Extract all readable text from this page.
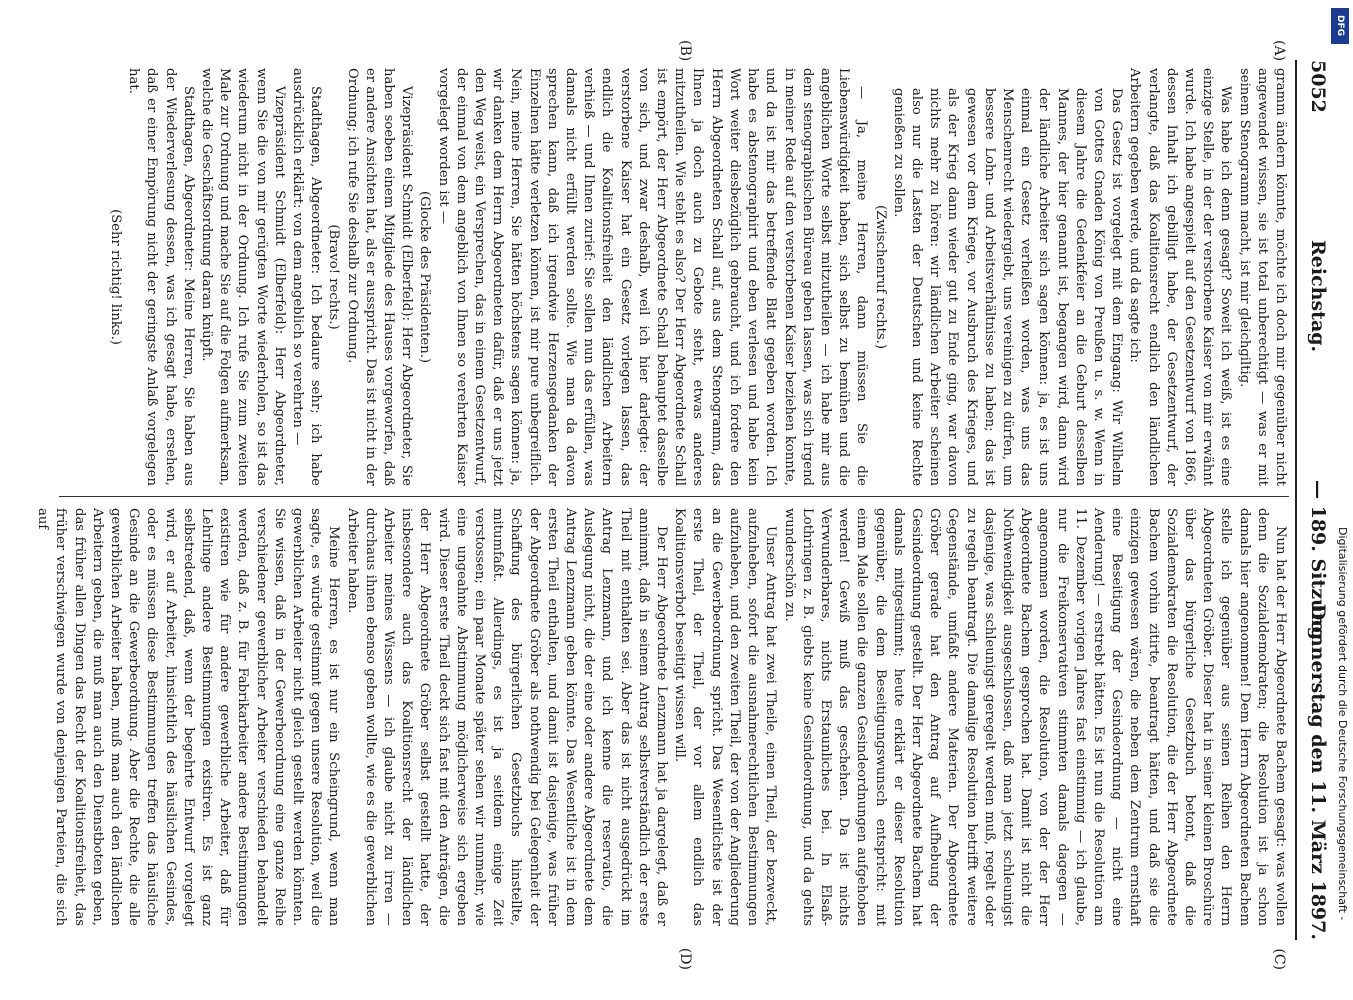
5052
Reichstag.
— 189. Sitzung.
Donnerstag den 11. März 1897.
(A)
(B)
(C)
(D)

gramm ändern könnte, möchte ich doch mir gegenüber nicht angewendet wissen, sie ist total unberechtigt — was er mit seinem Stenogramm macht, ist mir gleichgiltig.

Was habe ich denn gesagt? Soweit ich weiß, ist es eine einzige Stelle, in der der verstorbene Kaiser von mir erwähnt wurde. Ich habe angespielt auf den Gesetzentwurf von 1866, dessen Inhalt ich gebilligt habe, der Gesetzentwurf, der verlangte, daß das Koalitionsrecht endlich den ländlichen Arbeitern gegeben werde, und da sagte ich:

Das Gesetz ist vorgelegt mit dem Eingang: Wir Wilhelm von Gottes Gnaden König von Preußen u. s. w. Wenn in diesem Jahre die Gedenkfeier an die Geburt desselben Mannes, der hier genannt ist, begangen wird, dann wird der ländliche Arbeiter sich sagen können: ja, es ist uns einmal ein Gesetz verheißen worden, was uns das Menschenrecht wiedergiebt, uns vereinigen zu dürfen, um bessere Lohn- und Arbeitsverhältnisse zu haben; das ist gewesen vor dem Kriege, vor Ausbruch des Krieges, und als der Krieg dann wieder gut zu Ende ging, war davon nichts mehr zu hören: wir ländlichen Arbeiter scheinen also nur die Lasten der Deutschen und keine Rechte genießen zu sollen.

(Zwischenruf rechts.)

— Ja, meine Herren, dann müssen Sie die Liebenswürdigkeit haben, sich selbst zu bemühen und die angeblichen Worte selbst mitzutheilen — ich habe mir aus dem stenographischen Büreau geben lassen, was sich irgend in meiner Rede auf den verstorbenen Kaiser beziehen konnte, und da ist mir das betreffende Blatt gegeben worden. Ich habe es abstenographirt und eben verlesen und habe kein Wort weiter diesbezüglich gebraucht, und ich fordere den Herrn Abgeordneten Schall auf, aus dem Stenogramm, das Ihnen ja doch auch zu Gebote steht, etwas anderes mitzutheilen. Wie steht es also? Der Herr Abgeordnete Schall ist empört, der Herr Abgeordnete Schall behauptet dasselbe von sich, und zwar deshalb, weil ich hier darlegte: der verstorbene Kaiser hat ein Gesetz vorlegen lassen, das endlich die Koalitionsfreiheit den ländlichen Arbeitern verhieß — und Ihnen zurief: Sie sollen nun das erfüllen, was damals nicht erfüllt werden sollte. Wie man da davon sprechen kann, daß ich irgendwie Herzensgedanken der Einzelnen hätte verletzen können, ist mir pure unbegreiflich. Nein, meine Herren, Sie hätten höchstens sagen können: ja, wir danken dem Herrn Abgeordneten dafür, daß er uns jetzt den Weg weist, ein Versprechen, das in einem Gesetzentwurf, der einmal von dem angeblich von Ihnen so verehrten Kaiser vorgelegt worden ist —

(Glocke des Präsidenten.)

Vizepräsident Schmidt (Elberfeld): Herr Abgeordneter, Sie haben soeben einem Mitgliede des Hauses vorgeworfen, daß er andere Ansichten hat, als er ausspricht. Das ist nicht in der Ordnung; ich rufe Sie deshalb zur Ordnung.

(Bravo! rechts.)

Stadthagen, Abgeordneter: Ich bedaure sehr; ich habe ausdrücklich erklärt: von dem angeblich so verehrten —

Vizepräsident Schmidt (Elberfeld): Herr Abgeordneter, wenn Sie die von mir gerügten Worte wiederholen, so ist das wiederum nicht in der Ordnung. Ich rufe Sie zum zweiten Male zur Ordnung und mache Sie auf die Folgen aufmerksam, welche die Geschäftsordnung daran knüpft.

Stadthagen, Abgeordneter: Meine Herren, Sie haben aus der Wiederverlesung dessen, was ich gesagt habe, ersehen, daß er einer Empörung nicht der geringste Anlaß vorgelegen hat.

(Sehr richtig! links.)

Nun hat der Herr Abgeordnete Bachem gesagt: was wollen denn die Sozialdemokraten; die Resolution ist ja schon damals hier angenommen! Dem Herrn Abgeordneten Bachem stelle ich gegenüber aus seinen Reihen den Herrn Abgeordneten Gröber. Dieser hat in seiner kleinen Broschüre über das bürgerliche Gesetzbuch betont, daß die Sozialdemokraten die Resolution, die der Herr Abgeordnete Bachem vorhin zitirte, beantragt hätten, und daß sie die einzigen gewesen wären, die neben dem Zentrum ernsthaft eine Beseitigung der Gesindeordnung — nicht eine Aenderung! — erstrebt hätten. Es ist nun die Resolution am 11. Dezember vorigen Jahres fast einstimmig — ich glaube, nur die Freikonservativen stimmten damals dagegen — angenommen worden, die Resolution, von der der Herr Abgeordnete Bachem gesprochen hat. Damit ist nicht die Nothwendigkeit ausgeschlossen, daß man jetzt schleunigst dasjenige, was schleunigst geregelt werden muß, regelt oder zu regeln beantragt. Die damalige Resolution betrifft weitere Gegenstände, umfaßt andere Materien. Der Abgeordnete Gröber gerade hat den Antrag auf Aufhebung der Gesindeordnung gestellt. Der Herr Abgeordnete Bachem hat damals mitgestimmt; heute erklärt er dieser Resolution gegenüber, die dem Beseitigungswunsch entspricht: mit einem Male sollen die ganzen Gesindeordnungen aufgehoben werden! Gewiß muß das geschehen. Da ist nichts Verwunderbares, nichts Erstaunliches bei. In Elsaß-Lothringen z. B. giebts keine Gesindeordnung, und da gehts wunderschön zu.

Unser Antrag hat zwei Theile, einen Theil, der bezweckt, aufzuheben, sofort die ausnahmerechtlichen Bestimmungen aufzuheben, und den zweiten Theil, der von der Angliederung an die Gewerbeordnung spricht. Das Wesentlichste ist der erste Theil, der Theil, der vor allem endlich das Koalitionsverbot beseitigt wissen will.

Der Herr Abgeordnete Lenzmann hat ja dargelegt, daß er annimmt, daß in seinem Antrag selbstverständlich der erste Theil mit enthalten sei. Aber das ist nicht ausgedrückt im Antrag Lenzmann, und ich kenne die reservatio, die Auslegung nicht, die der eine oder andere Abgeordnete dem Antrag Lenzmann geben könnte. Das Wesentliche ist in dem ersten Theil enthalten, und damit ist dasjenige, was früher der Abgeordnete Gröber als nothwendig bei Gelegenheit der Schaffung des bürgerlichen Gesetzbuchs hinstellte, mitumfaßt. Allerdings, es ist ja seitdem einige Zeit verstossen; ein paar Monate später sehen wir nunmehr, wie eine ungeahnte Abstimmung möglicherweise sich ergeben wird. Dieser erste Theil deckt sich fast mit den Anträgen, die der Herr Abgeordnete Gröber selbst gestellt hatte, der insbesondere auch das Koalitionsrecht der ländlichen Arbeiter meines Wissens — ich glaube nicht zu irren — durchaus ihnen ebenso geben wollte, wie es die gewerblichen Arbeiter haben.

Meine Herren, es ist nur ein Scheingrund, wenn man sagte, es würde gestimmt gegen unsere Resolution, weil die gewerblichen Arbeiter nicht gleich gestellt werden könnten. Sie wissen, daß in der Gewerbeordnung eine ganze Reihe verschiedener gewerblicher Arbeiter verschieden behandelt werden, daß z. B. für Fabrikarbeiter andere Bestimmungen existiren wie für andere gewerbliche Arbeiter, daß für Lehrlinge andere Bestimmungen existiren. Es ist ganz selbstredend, daß, wenn der begehrte Entwurf vorgelegt wird, er auf Arbeiter, hinsichtlich des häuslichen Gesindes, oder es müssen diese Bestimmungen treffen das häusliche Gesinde an die Gewerbeordnung. Aber die Rechte, die alle gewerblichen Arbeiter haben, muß man auch den ländlichen Arbeitern geben, die muß man auch den Dienstboten geben, das früher allen Dingen das Recht der Koalitionsfreiheit, das früher verschwiegen wurde von denjenigen Parteien, die sich auf

DFG
Digitalisierung gefördert durch die Deutsche Forschungsgemeinschaft -
